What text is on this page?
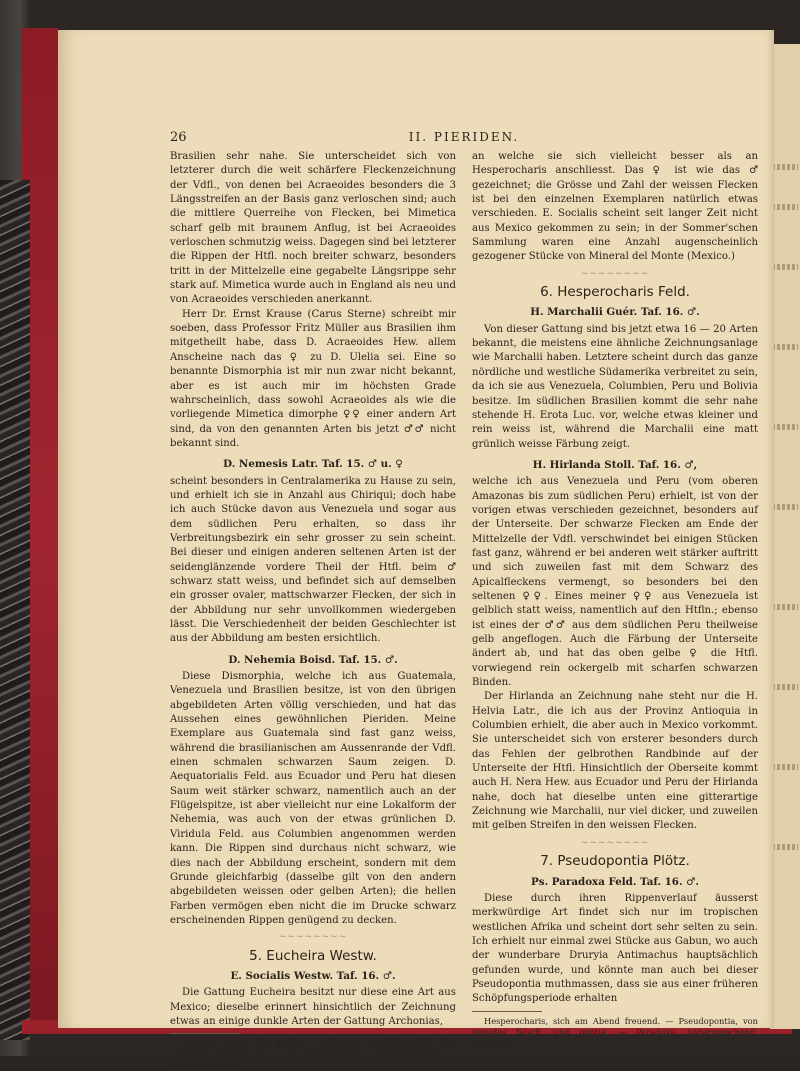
26	II. PIERIDEN.

Brasilien sehr nahe. Sie unterscheidet sich von letzterer durch die weit schärfere Fleckenzeichnung der Vdfl., von denen bei Acraeoides besonders die 3 Längsstreifen an der Basis ganz verloschen sind; auch die mittlere Querreihe von Flecken, bei Mimetica scharf gelb mit braunem Anflug, ist bei Acraeoides verloschen schmutzig weiss. Dagegen sind bei letzterer die Rippen der Htfl. noch breiter schwarz, besonders tritt in der Mittelzelle eine gegabelte Längsrippe sehr stark auf. Mimetica wurde auch in England als neu und von Acraeoides verschieden anerkannt.

Herr Dr. Ernst Krause (Carus Sterne) schreibt mir soeben, dass Professor Fritz Müller aus Brasilien ihm mitgetheilt habe, dass D. Acraeoides Hew. allem Anscheine nach das ♀ zu D. Ulelia sei. Eine so benannte Dismorphia ist mir nun zwar nicht bekannt, aber es ist auch mir im höchsten Grade wahrscheinlich, dass sowohl Acraeoides als wie die vorliegende Mimetica dimorphe ♀♀ einer andern Art sind, da von den genannten Arten bis jetzt ♂♂ nicht bekannt sind.

D. Nemesis Latr. Taf. 15. ♂ u. ♀

scheint besonders in Centralamerika zu Hause zu sein, und erhielt ich sie in Anzahl aus Chiriqui; doch habe ich auch Stücke davon aus Venezuela und sogar aus dem südlichen Peru erhalten, so dass ihr Verbreitungsbezirk ein sehr grosser zu sein scheint. Bei dieser und einigen anderen seltenen Arten ist der seidenglänzende vordere Theil der Htfl. beim ♂ schwarz statt weiss, und befindet sich auf demselben ein grosser ovaler, mattschwarzer Flecken, der sich in der Abbildung nur sehr unvollkommen wiedergeben lässt. Die Verschiedenheit der beiden Geschlechter ist aus der Abbildung am besten ersichtlich.

D. Nehemia Boisd. Taf. 15. ♂.

Diese Dismorphia, welche ich aus Guatemala, Venezuela und Brasilien besitze, ist von den übrigen abgebildeten Arten völlig verschieden, und hat das Aussehen eines gewöhnlichen Pieriden. Meine Exemplare aus Guatemala sind fast ganz weiss, während die brasilianischen am Aussenrande der Vdfl. einen schmalen schwarzen Saum zeigen. D. Aequatorialis Feld. aus Ecuador und Peru hat diesen Saum weit stärker schwarz, namentlich auch an der Flügelspitze, ist aber vielleicht nur eine Lokalform der Nehemia, was auch von der etwas grünlichen D. Viridula Feld. aus Columbien angenommen werden kann. Die Rippen sind durchaus nicht schwarz, wie dies nach der Abbildung erscheint, sondern mit dem Grunde gleichfarbig (dasselbe gilt von den andern abgebildeten weissen oder gelben Arten); die hellen Farben vermögen eben nicht die im Drucke schwarz erscheinenden Rippen genügend zu decken.

~~~~~~~~
5. Eucheira Westw.
E. Socialis Westw. Taf. 16. ♂.

Die Gattung Eucheira besitzt nur diese eine Art aus Mexico; dieselbe erinnert hinsichtlich der Zeichnung etwas an einige dunkle Arten der Gattung Archonias,

Nemesis, Göttin der Rache. — Nehemia, Wiederhersteller des jüdischen Reiches nach der Babylonischen Gefangenschaft. — Socialis, gesellig.

an welche sie sich vielleicht besser als an Hesperocharis anschliesst. Das ♀ ist wie das ♂ gezeichnet; die Grösse und Zahl der weissen Flecken ist bei den einzelnen Exemplaren natürlich etwas verschieden. E. Socialis scheint seit langer Zeit nicht aus Mexico gekommen zu sein; in der Sommer'schen Sammlung waren eine Anzahl augenscheinlich gezogener Stücke von Mineral del Monte (Mexico.)

~~~~~~~~
6. Hesperocharis Feld.
H. Marchalii Guér. Taf. 16. ♂.

Von dieser Gattung sind bis jetzt etwa 16 — 20 Arten bekannt, die meistens eine ähnliche Zeichnungsanlage wie Marchalii haben. Letztere scheint durch das ganze nördliche und westliche Südamerika verbreitet zu sein, da ich sie aus Venezuela, Columbien, Peru und Bolivia besitze. Im südlichen Brasilien kommt die sehr nahe stehende H. Erota Luc. vor, welche etwas kleiner und rein weiss ist, während die Marchalii eine matt grünlich weisse Färbung zeigt.

H. Hirlanda Stoll. Taf. 16. ♂,

welche ich aus Venezuela und Peru (vom oberen Amazonas bis zum südlichen Peru) erhielt, ist von der vorigen etwas verschieden gezeichnet, besonders auf der Unterseite. Der schwarze Flecken am Ende der Mittelzelle der Vdfl. verschwindet bei einigen Stücken fast ganz, während er bei anderen weit stärker auftritt und sich zuweilen fast mit dem Schwarz des Apicalfleckens vermengt, so besonders bei den seltenen ♀♀. Eines meiner ♀♀ aus Venezuela ist gelblich statt weiss, namentlich auf den Htfln.; ebenso ist eines der ♂♂ aus dem südlichen Peru theilweise gelb angeflogen. Auch die Färbung der Unterseite ändert ab, und hat das oben gelbe ♀ die Htfl. vorwiegend rein ockergelb mit scharfen schwarzen Binden.

Der Hirlanda an Zeichnung nahe steht nur die H. Helvia Latr., die ich aus der Provinz Antioquia in Columbien erhielt, die aber auch in Mexico vorkommt. Sie unterscheidet sich von ersterer besonders durch das Fehlen der gelbrothen Randbinde auf der Unterseite der Htfl. Hinsichtlich der Oberseite kommt auch H. Nera Hew. aus Ecuador und Peru der Hirlanda nahe, doch hat dieselbe unten eine gitterartige Zeichnung wie Marchalii, nur viel dicker, und zuweilen mit gelben Streifen in den weissen Flecken.

~~~~~~~~
7. Pseudopontia Plötz.
Ps. Paradoxa Feld. Taf. 16. ♂.

Diese durch ihren Rippenverlauf äusserst merkwürdige Art findet sich nur im tropischen westlichen Afrika und scheint dort sehr selten zu sein. Ich erhielt nur einmal zwei Stücke aus Gabun, wo auch der wunderbare Druryia Antimachus hauptsächlich gefunden wurde, und könnte man auch bei dieser Pseudopontia muthmassen, dass sie aus einer früheren Schöpfungsperiode erhalten

Hesperocharis, sich am Abend freuend. — Pseudopontia, von pseudos falsch, und pontia. — Paradoxa, widersprechend, sonderbar.
